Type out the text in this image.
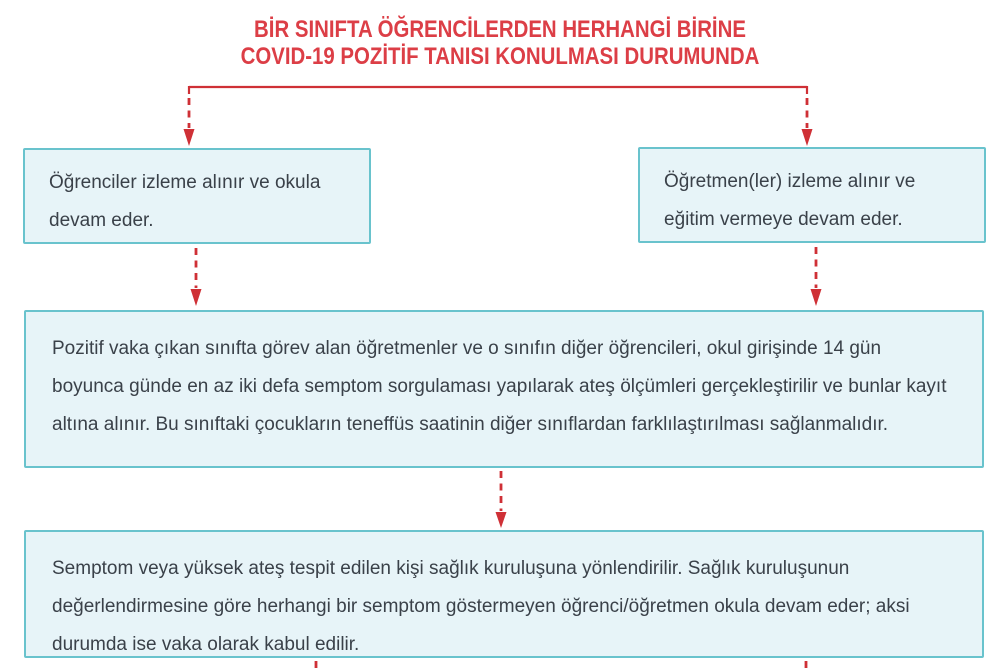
BİR SINIFTA ÖĞRENCİLERDEN HERHANGİ BİRİNE
COVID-19 POZİTİF TANISI KONULMASI DURUMUNDA
Öğrenciler izleme alınır ve okula devam eder.
Öğretmen(ler) izleme alınır ve eğitim vermeye devam eder.
Pozitif vaka çıkan sınıfta görev alan öğretmenler ve o sınıfın diğer öğrencileri, okul girişinde 14 gün boyunca günde en az iki defa semptom sorgulaması yapılarak ateş ölçümleri gerçekleştirilir ve bunlar kayıt altına alınır. Bu sınıftaki çocukların teneffüs saatinin diğer sınıflardan farklılaştırılması sağlanmalıdır.
Semptom veya yüksek ateş tespit edilen kişi sağlık kuruluşuna yönlendirilir. Sağlık kuruluşunun değerlendirmesine göre herhangi bir semptom göstermeyen öğrenci/öğretmen okula devam eder; aksi durumda ise vaka olarak kabul edilir.
